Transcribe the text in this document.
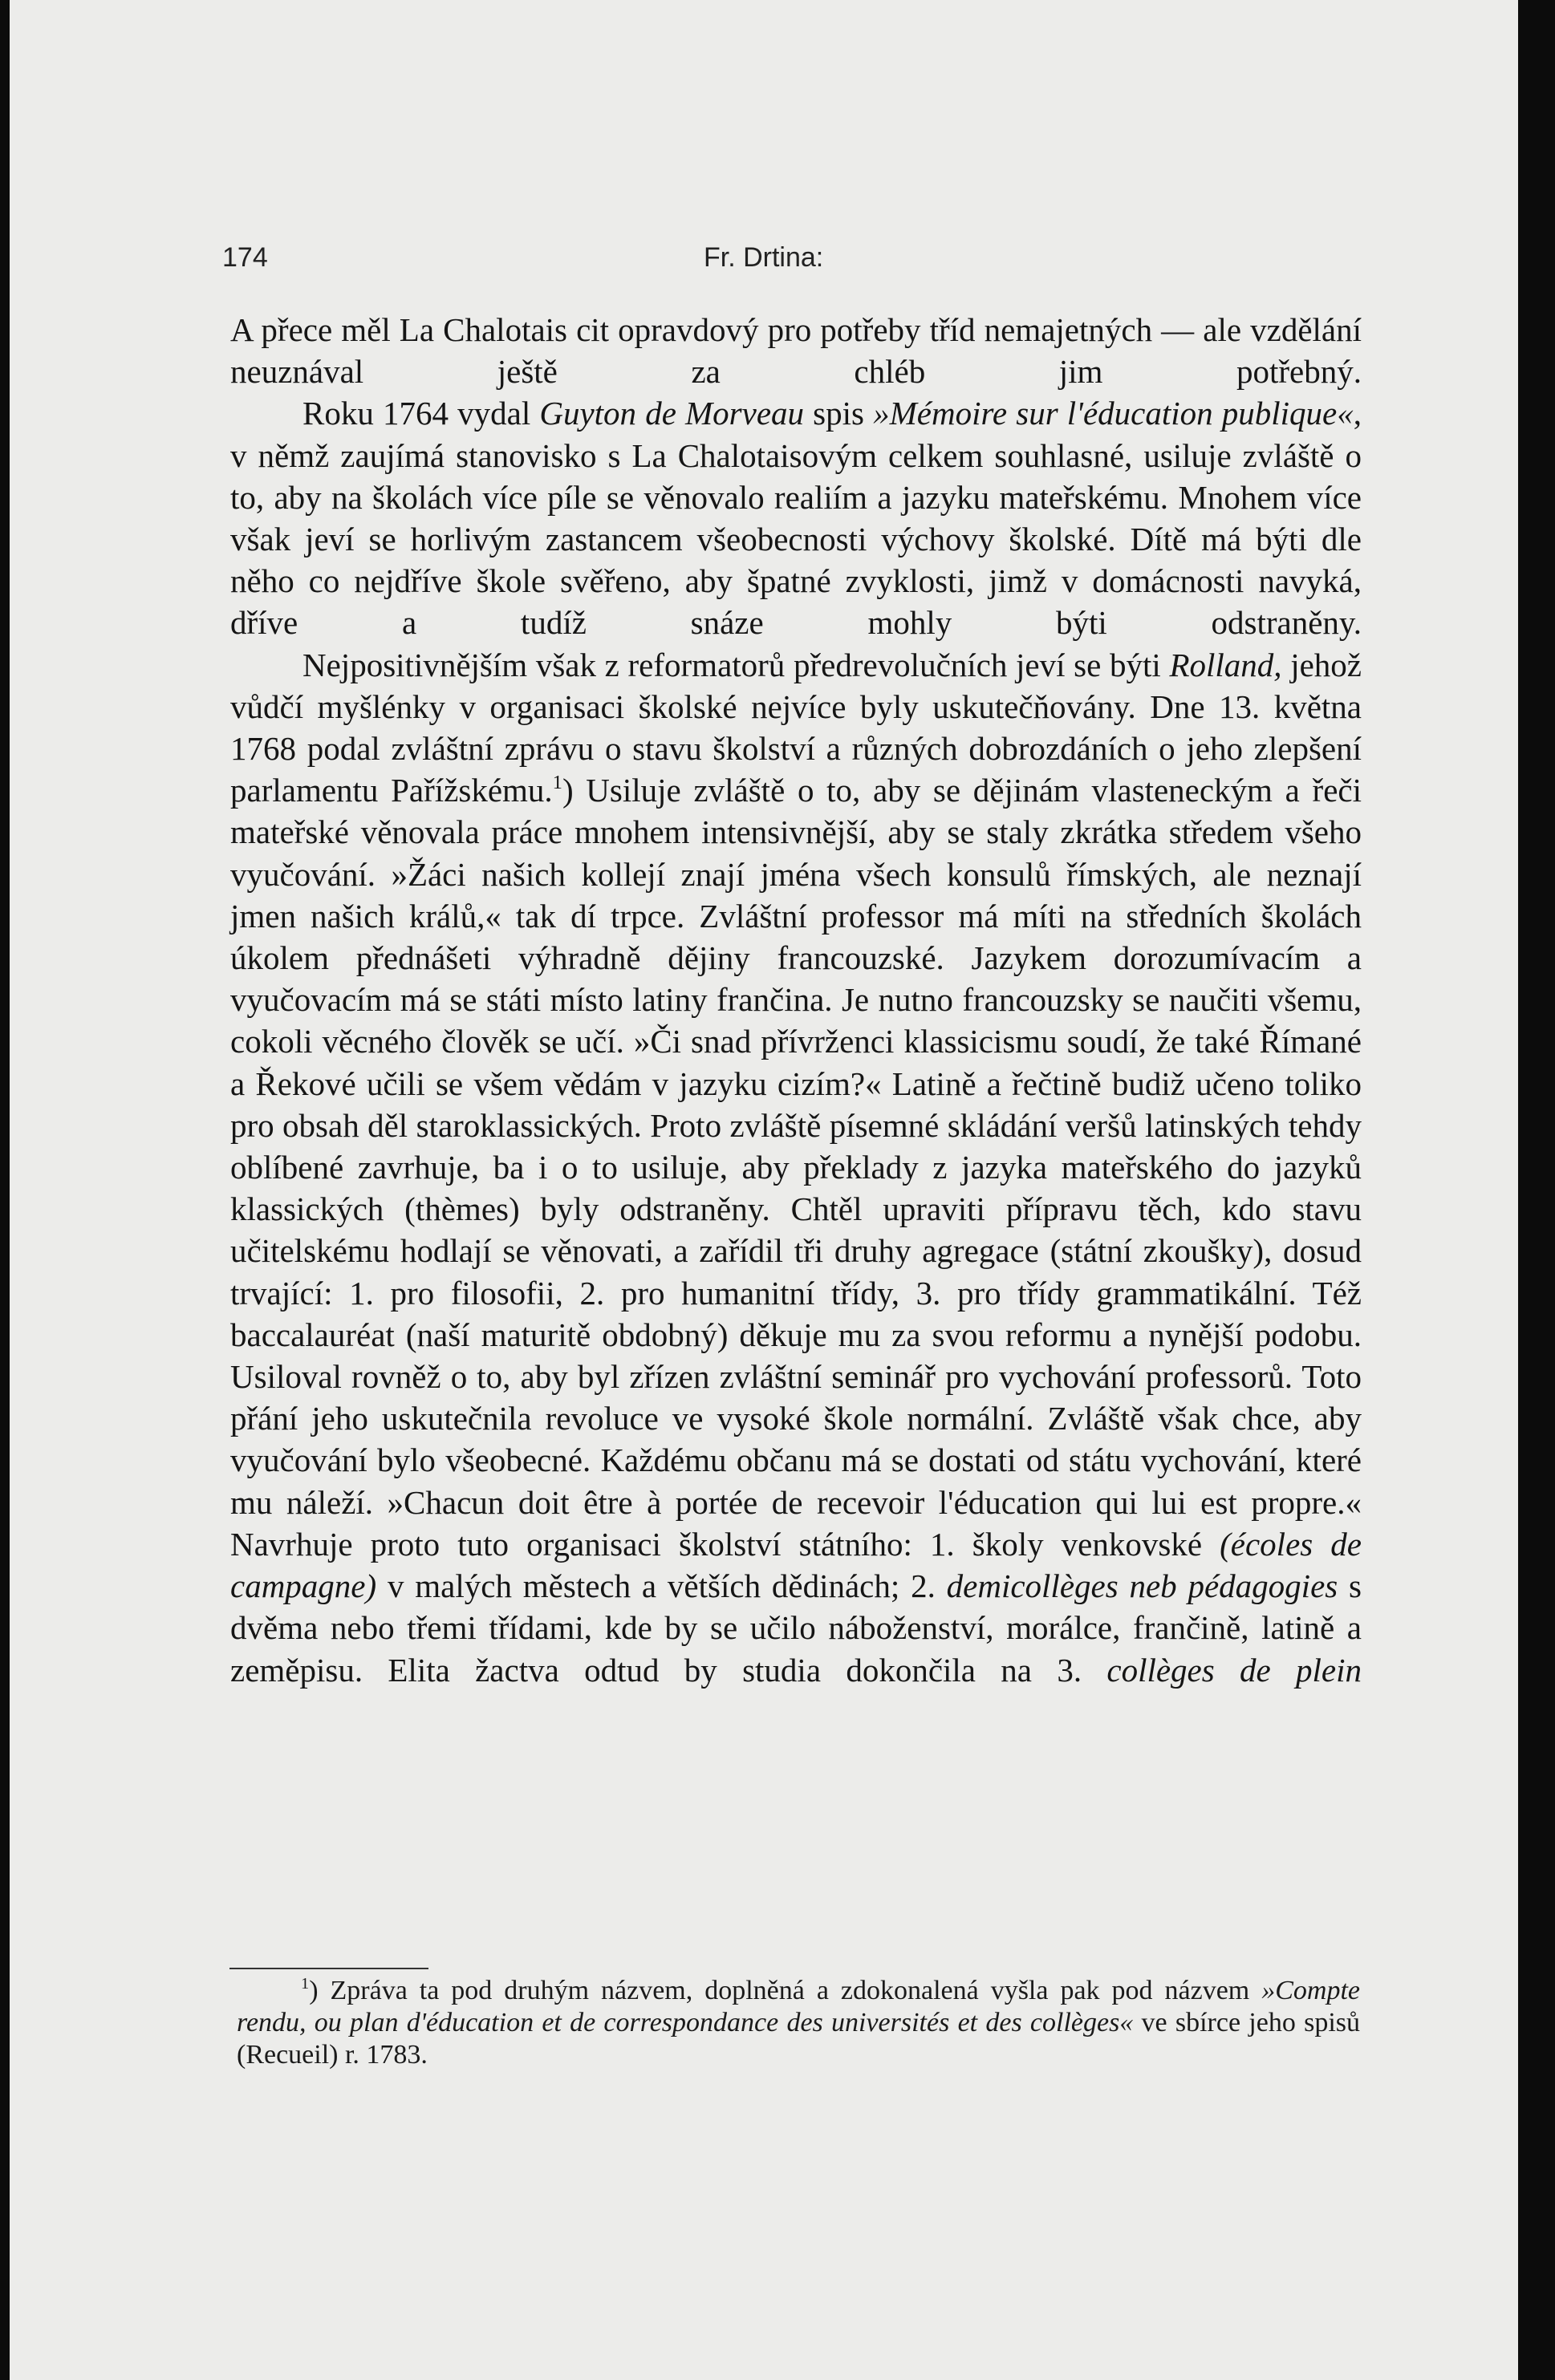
174	Fr. Drtina:

A přece měl La Chalotais cit opravdový pro potřeby tříd nemajetných — ale vzdělání neuznával ještě za chléb jim potřebný.

Roku 1764 vydal Guyton de Morveau spis »Mémoire sur l'éducation publique«, v němž zaujímá stanovisko s La Chalotaisovým celkem souhlasné, usiluje zvláště o to, aby na školách více píle se věnovalo realiím a jazyku mateřskému. Mnohem více však jeví se horlivým zastancem všeobecnosti výchovy školské. Dítě má býti dle něho co nejdříve škole svěřeno, aby špatné zvyklosti, jimž v domácnosti navyká, dříve a tudíž snáze mohly býti odstraněny.

Nejpositivnějším však z reformatorů předrevolučních jeví se býti Rolland, jehož vůdčí myšlénky v organisaci školské nejvíce byly uskutečňovány. Dne 13. května 1768 podal zvláštní zprávu o stavu školství a různých dobrozdáních o jeho zlepšení parlamentu Pařížskému.$^1$) Usiluje zvláště o to, aby se dějinám vlasteneckým a řeči mateřské věnovala práce mnohem intensivnější, aby se staly zkrátka středem všeho vyučování. »Žáci našich kollejí znají jména všech konsulů římských, ale neznají jmen našich králů,« tak dí trpce. Zvláštní professor má míti na středních školách úkolem přednášeti výhradně dějiny francouzské. Jazykem dorozumívacím a vyučovacím má se státi místo latiny frančina. Je nutno francouzsky se naučiti všemu, cokoli věcného člověk se učí. »Či snad přívrženci klassicismu soudí, že také Římané a Řekové učili se všem vědám v jazyku cizím?« Latině a řečtině budiž učeno toliko pro obsah děl staroklassických. Proto zvláště písemné skládání veršů latinských tehdy oblíbené zavrhuje, ba i o to usiluje, aby překlady z jazyka mateřského do jazyků klassických (thèmes) byly odstraněny. Chtěl upraviti přípravu těch, kdo stavu učitelskému hodlají se věnovati, a zařídil tři druhy agregace (státní zkoušky), dosud trvající: 1. pro filosofii, 2. pro humanitní třídy, 3. pro třídy grammatikální. Též baccalauréat (naší maturitě obdobný) děkuje mu za svou reformu a nynější podobu. Usiloval rovněž o to, aby byl zřízen zvláštní seminář pro vychování professorů. Toto přání jeho uskutečnila revoluce ve vysoké škole normální. Zvláště však chce, aby vyučování bylo všeobecné. Každému občanu má se dostati od státu vychování, které mu náleží. »Chacun doit être à portée de recevoir l'éducation qui lui est propre.« Navrhuje proto tuto organisaci školství státního: 1. školy venkovské (écoles de campagne) v malých městech a větších dědinách; 2. demicollèges neb pédagogies s dvěma nebo třemi třídami, kde by se učilo náboženství, morálce, frančině, latině a zeměpisu. Elita žactva odtud by studia dokončila na 3. collèges de plein

$^1$) Zpráva ta pod druhým názvem, doplněná a zdokonalená vyšla pak pod názvem »Compte rendu, ou plan d'éducation et de correspondance des universités et des collèges« ve sbírce jeho spisů (Recueil) r. 1783.
